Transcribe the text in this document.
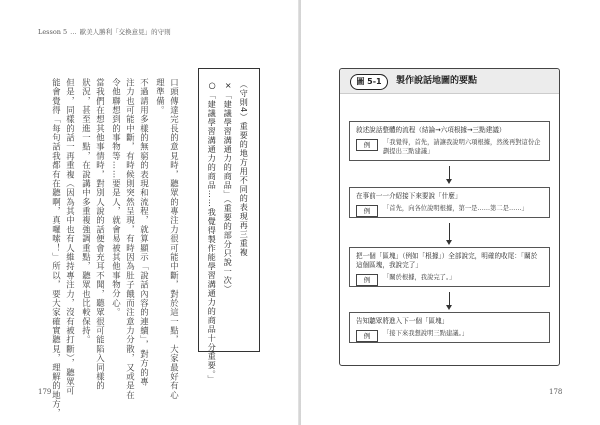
Lesson 5 … 歐美人勝利「交換意見」的守則
口頭傳達完長的意見時，聽眾的專注力很可能中斷，對於這一點，大家最好有心
理準備。
不過請用多樣的無窮的表現和流程，就算顯示「說話內容的連續」，對方的專
注力也可能中斷，有時候則突然呈現，有時因為肚子餓而注意力分散，又或是在
令他聯想到的事物等……要是人，就會易被其他事物分心。
當我們在想其他事情時，對別人說的話便會充耳不聞，聽眾很可能陷入同樣的
狀況，甚至進一點，在說講中多重複強調重點，聽眾也比較保持。
但是，同樣的話一再重複（因為其中也有人維持專注力，沒有被打斷），聽眾可
能會覺得「每句話我都有在聽啊，真囉嗦！」所以，要大家確實聽見，理解的地方，
179
（守則4）重要的地方用不同的表現再三重複
×「建議學習溝通力的商品」（重要的部分只說一次）
○「建議學習溝通力的商品……我覺得製作能學習溝通力的商品十分重要。」
178
圖 5-1	製作說話地圖的要點
敘述說話整體的流程（結論→六項根據→三點建議）
例	「我覺得，首先，請讓我說明六項根據，然後再對這份企劃提出三點建議」
在事前一一介紹接下來要說「什麼」
例	「首先，向各位說明根據，第一是……第二是……」
把一個「區塊」（例如「根據」）全部說完，明確的收尾：「關於這個區塊，我說完了」
例	「關於根據，我說完了。」
告知聽眾將進入下一個「區塊」
例	「接下來我想說明三點建議。」
